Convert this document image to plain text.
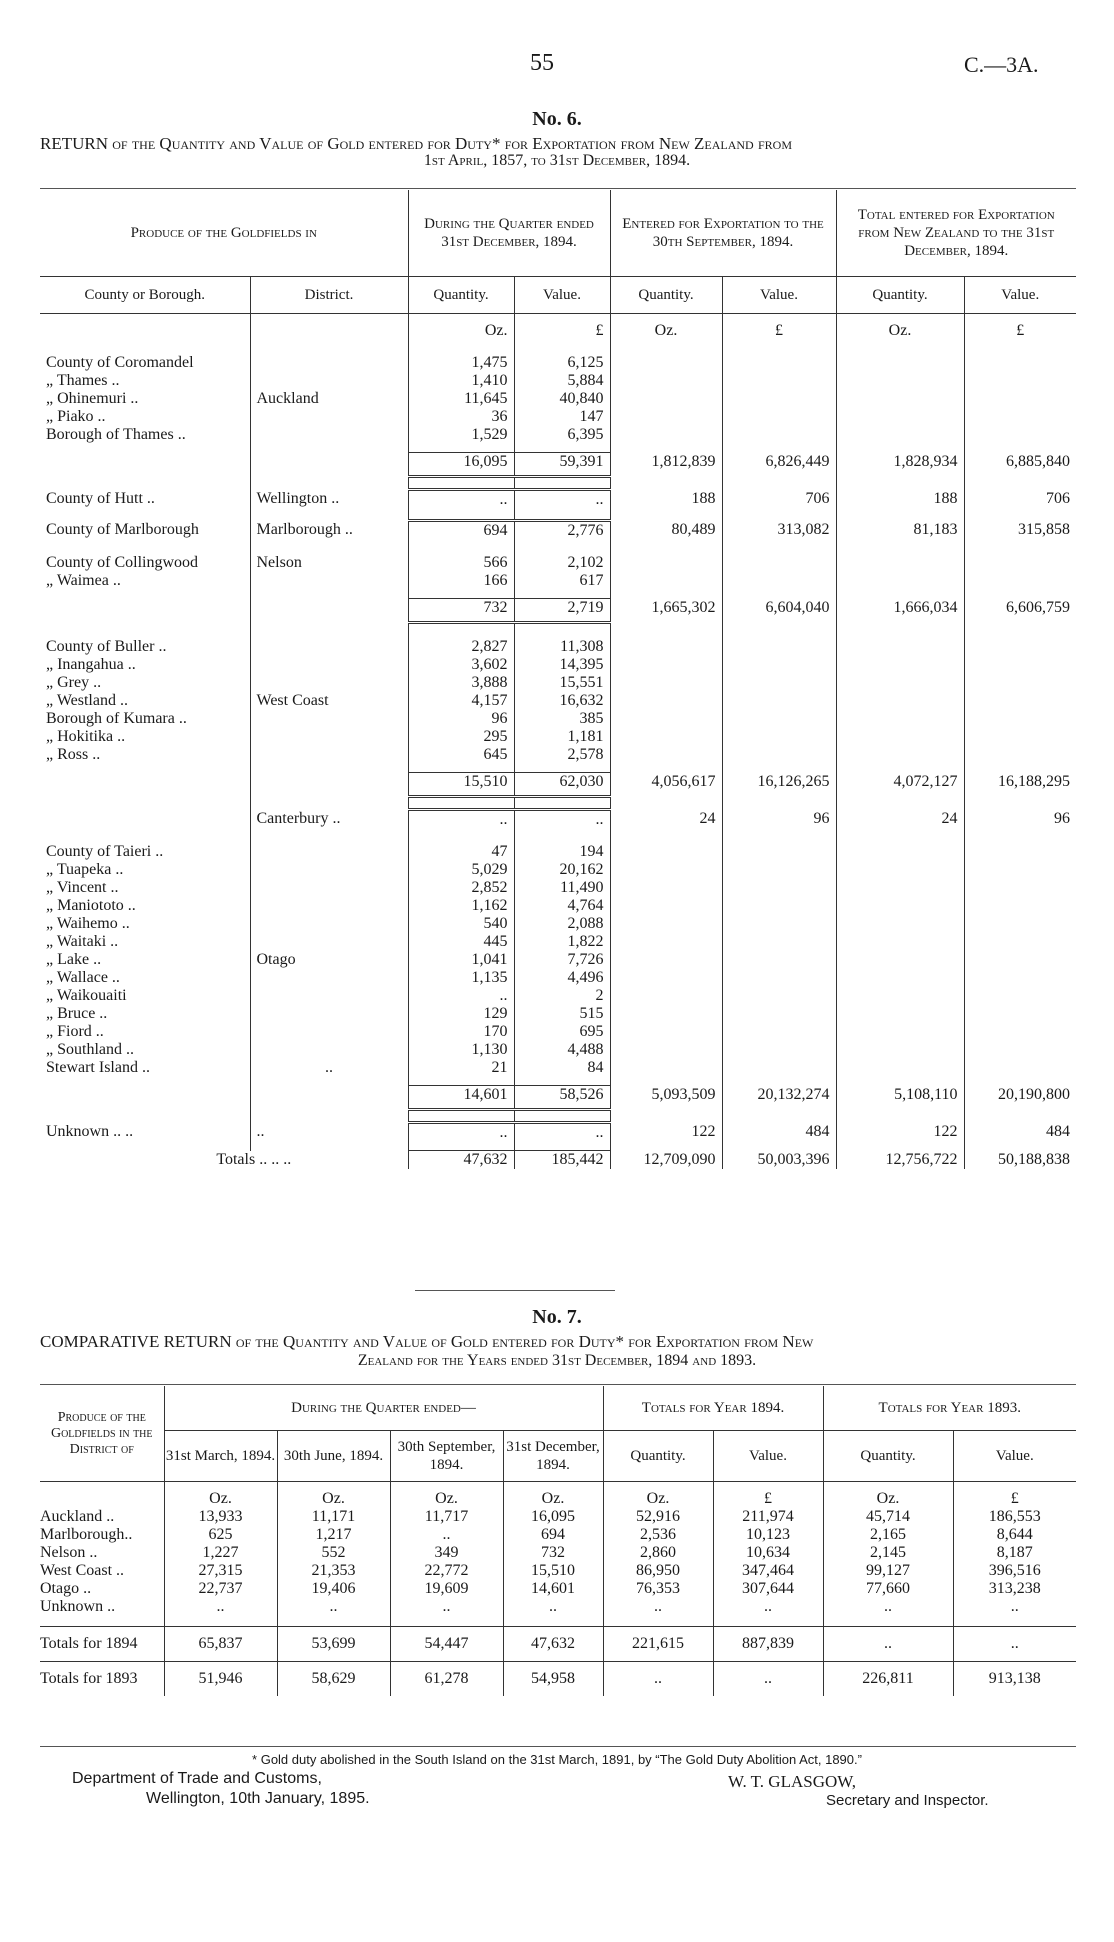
55	C.—3A.
No. 6.
RETURN of the Quantity and Value of Gold entered for Duty* for Exportation from New Zealand from
1st April, 1857, to 31st December, 1894.
Produce of the Goldfields in		During the Quarter ended 31st December, 1894.		Entered for Exportation to the 30th September, 1894.		Total entered for Exportation from New Zealand to the 31st December, 1894.	
County or Borough.	District.	Quantity.	Value.	Quantity.	Value.	Quantity.	Value.

		Oz.	£	Oz.	£	Oz.	£

County of Coromandel		1,475	6,125				
„ Thames ..		1,410	5,884				
„ Ohinemuri ..	Auckland	11,645	40,840				
„ Piako ..		36	147				
Borough of Thames ..		1,529	6,395				

		16,095	59,391	1,812,839	6,826,449	1,828,934	6,885,840

County of Hutt ..	Wellington ..	..	..	188	706	188	706

County of Marlborough	Marlborough ..	694	2,776	80,489	313,082	81,183	315,858

County of Collingwood	Nelson	566	2,102				
„ Waimea ..		166	617				

		732	2,719	1,665,302	6,604,040	1,666,034	6,606,759

County of Buller ..		2,827	11,308				
„ Inangahua ..		3,602	14,395				
„ Grey ..		3,888	15,551				
„ Westland ..	West Coast	4,157	16,632				
Borough of Kumara ..		96	385				
„ Hokitika ..		295	1,181				
„ Ross ..		645	2,578				

		15,510	62,030	4,056,617	16,126,265	4,072,127	16,188,295

	Canterbury ..	..	..	24	96	24	96

County of Taieri ..		47	194				
„ Tuapeka ..		5,029	20,162				
„ Vincent ..		2,852	11,490				
„ Maniototo ..		1,162	4,764				
„ Waihemo ..		540	2,088				
„ Waitaki ..		445	1,822				
„ Lake ..	Otago	1,041	7,726				
„ Wallace ..		1,135	4,496				
„ Waikouaiti		..	2				
„ Bruce ..		129	515				
„ Fiord ..		170	695				
„ Southland ..		1,130	4,488				
Stewart Island ..	..	21	84				

		14,601	58,526	5,093,509	20,132,274	5,108,110	20,190,800

Unknown .. ..	..	..	..	122	484	122	484

Totals .. .. ..		47,632	185,442	12,709,090	50,003,396	12,756,722	50,188,838
No. 7.
COMPARATIVE RETURN of the Quantity and Value of Gold entered for Duty* for Exportation from New
Zealand for the Years ended 31st December, 1894 and 1893.
Produce of the Goldfields in the District of	During the Quarter ended—				Totals for Year 1894.		Totals for Year 1893.	
	31st March, 1894.	30th June, 1894.	30th September, 1894.	31st December, 1894.	Quantity.	Value.	Quantity.	Value.

	Oz.	Oz.	Oz.	Oz.	Oz.	£	Oz.	£
Auckland ..	13,933	11,171	11,717	16,095	52,916	211,974	45,714	186,553
Marlborough..	625	1,217	..	694	2,536	10,123	2,165	8,644
Nelson ..	1,227	552	349	732	2,860	10,634	2,145	8,187
West Coast ..	27,315	21,353	22,772	15,510	86,950	347,464	99,127	396,516
Otago ..	22,737	19,406	19,609	14,601	76,353	307,644	77,660	313,238
Unknown ..	..	..	..	..	..	..	..	..

Totals for 1894	65,837	53,699	54,447	47,632	221,615	887,839	..	..
Totals for 1893	51,946	58,629	61,278	54,958	..	..	226,811	913,138
* Gold duty abolished in the South Island on the 31st March, 1891, by “The Gold Duty Abolition Act, 1890.”
Department of Trade and Customs,
Wellington, 10th January, 1895.
W. T. GLASGOW,
Secretary and Inspector.
